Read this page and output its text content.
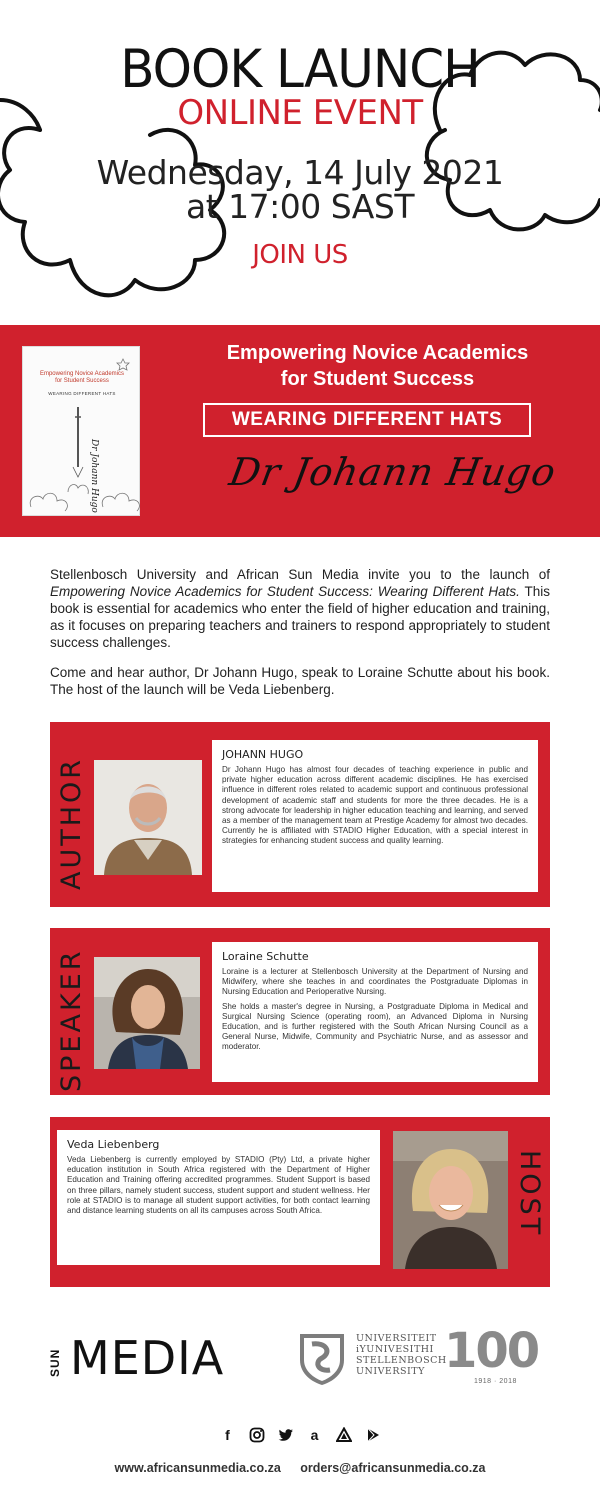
BOOK LAUNCH
ONLINE EVENT
Wednesday, 14 July 2021
at 17:00 SAST
JOIN US
Empowering Novice Academics
for Student Success
WEARING DIFFERENT HATS
Dr Johann Hugo
Empowering Novice Academics
for Student Success
WEARING DIFFERENT HATS
Dr Johann Hugo

Stellenbosch University and African Sun Media invite you to the launch of Empowering Novice Academics for Student Success: Wearing Different Hats. This book is essential for academics who enter the field of higher education and training, as it focuses on preparing teachers and trainers to respond appropriately to student success challenges.

Come and hear author, Dr Johann Hugo, speak to Loraine Schutte about his book. The host of the launch will be Veda Liebenberg.

AUTHOR
JOHANN HUGO

Dr Johann Hugo has almost four decades of teaching experience in public and private higher education across different academic disciplines. He has exercised influence in different roles related to academic support and continuous professional development of academic staff and students for more the three decades. He is a strong advocate for leadership in higher education teaching and learning, and served as a member of the management team at Prestige Academy for almost two decades. Currently he is affiliated with STADIO Higher Education, with a special interest in strategies for enhancing student success and quality learning.

SPEAKER	Loraine Schutte

Loraine is a lecturer at Stellenbosch University at the Department of Nursing and Midwifery, where she teaches in and coordinates the Postgraduate Diplomas in Nursing Education and Perioperative Nursing.

She holds a master's degree in Nursing, a Postgraduate Diploma in Medical and Surgical Nursing Science (operating room), an Advanced Diploma in Nursing Education, and is further registered with the South African Nursing Council as a General Nurse, Midwife, Community and Psychiatric Nurse, and as assessor and moderator.

HOST
Veda Liebenberg

Veda Liebenberg is currently employed by STADIO (Pty) Ltd, a private higher education institution in South Africa registered with the Department of Higher Education and Training offering accredited programmes. Student Support is based on three pillars, namely student success, student support and student wellness. Her role at STADIO is to manage all student support activities, for both contact learning and distance learning students on all its campuses across South Africa.

SUN MEDIA	UNIVERSITEIT
iYUNIVESITHI
STELLENBOSCH
UNIVERSITY 100
1918 · 2018
f	a
www.africansunmedia.co.za orders@africansunmedia.co.za
